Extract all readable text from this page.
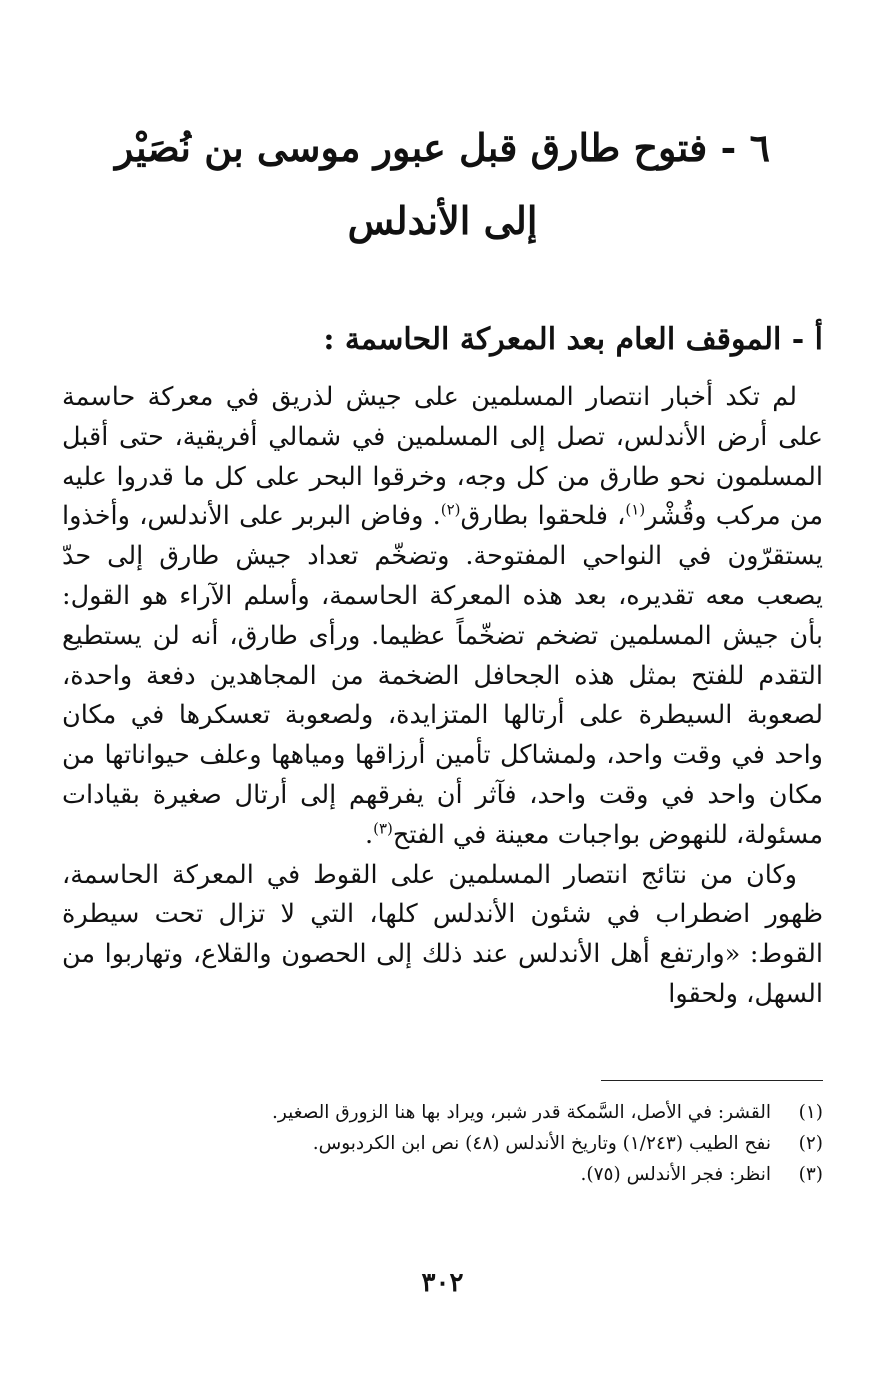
٦ - فتوح طارق قبل عبور موسى بن نُصَيْر
إلى الأندلس
أ - الموقف العام بعد المعركة الحاسمة :

لم تكد أخبار انتصار المسلمين على جيش لذريق في معركة حاسمة على أرض الأندلس، تصل إلى المسلمين في شمالي أفريقية، حتى أقبل المسلمون نحو طارق من كل وجه، وخرقوا البحر على كل ما قدروا عليه من مركب وقُشْر$^{(١)}$، فلحقوا بطارق$^{(٢)}$. وفاض البربر على الأندلس، وأخذوا يستقرّون في النواحي المفتوحة. وتضخّم تعداد جيش طارق إلى حدّ يصعب معه تقديره، بعد هذه المعركة الحاسمة، وأسلم الآراء هو القول: بأن جيش المسلمين تضخم تضخّماً عظيما. ورأى طارق، أنه لن يستطيع التقدم للفتح بمثل هذه الجحافل الضخمة من المجاهدين دفعة واحدة، لصعوبة السيطرة على أرتالها المتزايدة، ولصعوبة تعسكرها في مكان واحد في وقت واحد، ولمشاكل تأمين أرزاقها ومياهها وعلف حيواناتها من مكان واحد في وقت واحد، فآثر أن يفرقهم إلى أرتال صغيرة بقيادات مسئولة، للنهوض بواجبات معينة في الفتح$^{(٣)}$.

وكان من نتائج انتصار المسلمين على القوط في المعركة الحاسمة، ظهور اضطراب في شئون الأندلس كلها، التي لا تزال تحت سيطرة القوط: «وارتفع أهل الأندلس عند ذلك إلى الحصون والقلاع، وتهاربوا من السهل، ولحقوا

(١)
القشر: في الأصل، السَّمكة قدر شبر، ويراد بها هنا الزورق الصغير.
(٢)
نفح الطيب (١/٢٤٣) وتاريخ الأندلس (٤٨) نص ابن الكردبوس.
(٣)
انظر: فجر الأندلس (٧٥).
٣٠٢
